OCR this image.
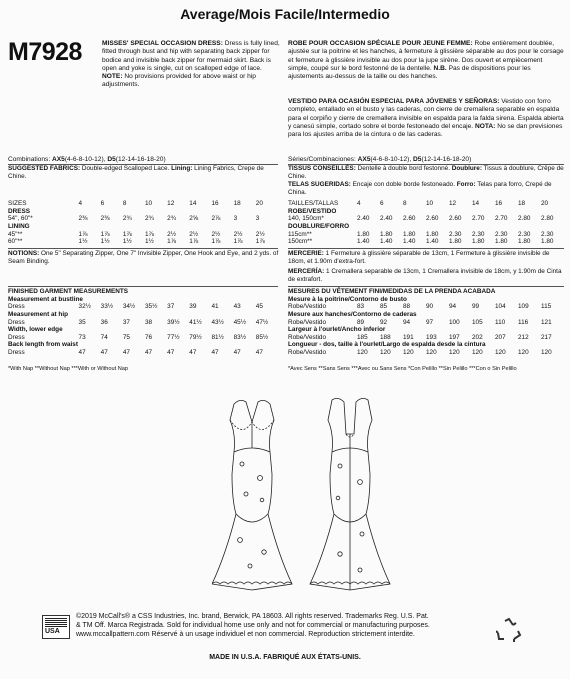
Average/Mois Facile/Intermedio
M7928	MISSES' SPECIAL OCCASION DRESS: Dress is fully lined, fitted through bust and hip with separating back zipper for bodice and invisible back zipper for mermaid skirt. Back is open and yoke is single, cut on scalloped edge of lace. NOTE: No provisions provided for above waist or hip adjustments.
ROBE POUR OCCASION SPÉCIALE POUR JEUNE FEMME: Robe entièrement doublée, ajustée sur la poitrine et les hanches, à fermeture à glissière séparable au dos pour le corsage et fermeture à glissière invisible au dos pour la jupe sirène. Dos ouvert et empiècement simple, coupé sur le bord festonné de la dentelle. N.B. Pas de dispositions pour les ajustements au-dessus de la taille ou des hanches.
VESTIDO PARA OCASIÓN ESPECIAL PARA JÓVENES Y SEÑORAS: Vestido con forro completo, entallado en el busto y las caderas, con cierre de cremallera separable en espalda para el corpiño y cierre de cremallera invisible en espalda para la falda sirena. Espalda abierta y canesú simple, cortado sobre el borde festoneado del encaje. NOTA: No se dan previsiones para los ajustes arriba de la cintura o de las caderas.
Combinations: AX5(4-6-8-10-12), D5(12-14-16-18-20)	Séries/Combinaciones: AX5(4-6-8-10-12), D5(12-14-16-18-20)
SUGGESTED FABRICS: Double-edged Scalloped Lace. Lining: Lining Fabrics, Crepe de Chine.
TISSUS CONSEILLÉS: Dentelle à double bord festonné. Doublure: Tissus à doublure, Crêpe de Chine.
TELAS SUGERIDAS: Encaje con doble borde festoneado. Forro: Telas para forro, Crepé de China.
SIZES	4	6	8	10	12	14	16	18	20
DRESS									
54", 60"*	2⅜	2⅜	2¾	2¾	2¾	2⅝	2⅞	3	3
LINING									
45"**	1⅞	1⅞	1⅞	1⅞	2½	2½	2½	2½	2½
60"**	1½	1½	1½	1½	1⅞	1⅞	1⅞	1⅞	1⅞
TAILLES/TALLAS	4	6	8	10	12	14	16	18	20
ROBE/VESTIDO									
140, 150cm*	2.40	2.40	2.60	2.60	2.60	2.70	2.70	2.80	2.80
DOUBLURE/FORRO									
115cm**	1.80	1.80	1.80	1.80	2.30	2.30	2.30	2.30	2.30
150cm**	1.40	1.40	1.40	1.40	1.80	1.80	1.80	1.80	1.80
NOTIONS: One 5" Separating Zipper, One 7" Invisible Zipper, One Hook and Eye, and 2 yds. of Seam Binding.
MERCERIE: 1 Fermeture à glissière séparable de 13cm, 1 Fermeture à glissière invisible de 18cm, et 1.90m d'extra-fort.
MERCERÍA: 1 Cremallera separable de 13cm, 1 Cremallera invisible de 18cm, y 1.90m de Cinta de extrafort.
FINISHED GARMENT MEASUREMENTS									
Measurement at bustline									
Dress	32½	33½	34½	35½	37	39	41	43	45
Measurement at hip									
Dress	35	36	37	38	39½	41½	43½	45½	47½
Width, lower edge									
Dress	73	74	75	76	77½	79½	81½	83½	85½
Back length from waist									
Dress	47	47	47	47	47	47	47	47	47
*With Nap **Without Nap ***With or Without Nap
MESURES DU VÊTEMENT FINI/MEDIDAS DE LA PRENDA ACABADA									
Mesure à la poitrine/Contorno de busto									
Robe/Vestido	83	85	88	90	94	99	104	109	115
Mesure aux hanches/Contorno de caderas									
Robe/Vestido	89	92	94	97	100	105	110	116	121
Largeur à l'ourlet/Ancho inferior									
Robe/Vestido	185	188	191	193	197	202	207	212	217
Longueur - dos, taille à l'ourlet/Largo de espalda desde la cintura									
Robe/Vestido	120	120	120	120	120	120	120	120	120
*Avec Sens **Sans Sens ***Avec ou Sans Sens *Con Pelillo **Sin Pelillo ***Con o Sin Pelillo
USA
©2019 McCall's® a CSS Industries, Inc. brand, Berwick, PA 18603. All rights reserved. Trademarks Reg. U.S. Pat.
& TM Off. Marca Registrada. Sold for individual home use only and not for commercial or manufacturing purposes.
www.mccallpattern.com Réservé à un usage individuel et non commercial. Reproduction strictement interdite.
MADE IN U.S.A. FABRIQUÉ AUX ÉTATS-UNIS.
